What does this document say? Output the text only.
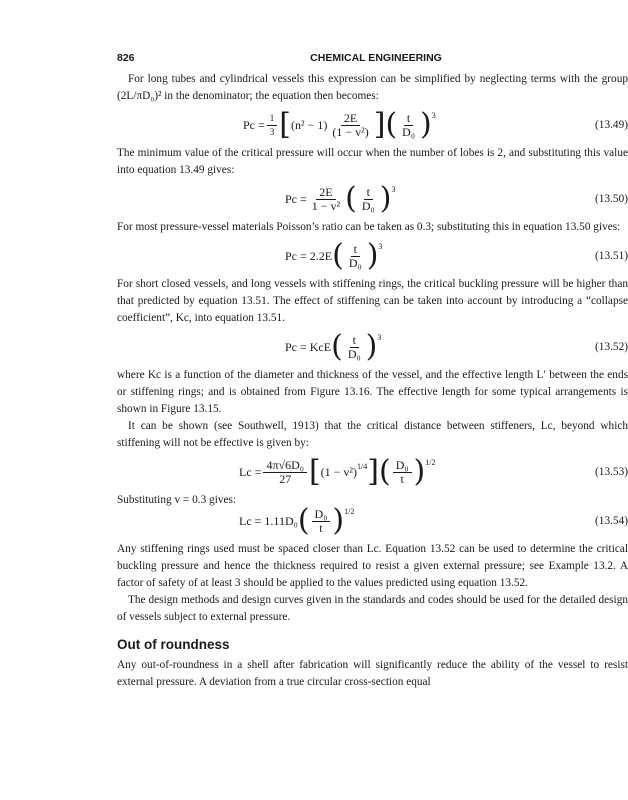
826	CHEMICAL ENGINEERING

For long tubes and cylindrical vessels this expression can be simplified by neglecting terms with the group (2L/πD₀)² in the denominator; the equation then becomes:

$Pc = \frac{1}{3}$ [ $(n^2 - 1) \frac{2E}{\text{(1 − v²)}}$ ] ( $\frac{t}{\text{D₀}}$ ) 3
(13.49)

The minimum value of the critical pressure will occur when the number of lobes is 2, and substituting this value into equation 13.49 gives:

$Pc = \frac{2E}{\text{1 − v²}}$ ( $\frac{t}{\text{D₀}}$ ) 3
(13.50)

For most pressure-vessel materials Poisson’s ratio can be taken as 0.3; substituting this in equation 13.50 gives:

Pc = 2.2E ( $\frac{t}{\text{D₀}}$ ) 3
(13.51)

For short closed vessels, and long vessels with stiffening rings, the critical buckling pressure will be higher than that predicted by equation 13.51. The effect of stiffening can be taken into account by introducing a “collapse coefficient”, Kc, into equation 13.51.

Pc = KcE ( $\frac{t}{\text{D₀}}$ ) 3
(13.52)

where Kc is a function of the diameter and thickness of the vessel, and the effective length L′ between the ends or stiffening rings; and is obtained from Figure 13.16. The effective length for some typical arrangements is shown in Figure 13.15.

It can be shown (see Southwell, 1913) that the critical distance between stiffeners, Lc, beyond which stiffening will not be effective is given by:

$Lc = \frac{\text{4π√6D₀}}{27}$ [ (1 − v²) 1/4 ] ( $\frac{\text{D₀}}{t}$ ) 1/2
(13.53)

Substituting v = 0.3 gives:

Lc = 1.11D₀ ( $\frac{\text{D₀}}{t}$ ) 1/2
(13.54)

Any stiffening rings used must be spaced closer than Lc. Equation 13.52 can be used to determine the critical buckling pressure and hence the thickness required to resist a given external pressure; see Example 13.2. A factor of safety of at least 3 should be applied to the values predicted using equation 13.52.

The design methods and design curves given in the standards and codes should be used for the detailed design of vessels subject to external pressure.

Out of roundness

Any out-of-roundness in a shell after fabrication will significantly reduce the ability of the vessel to resist external pressure. A deviation from a true circular cross-section equal
